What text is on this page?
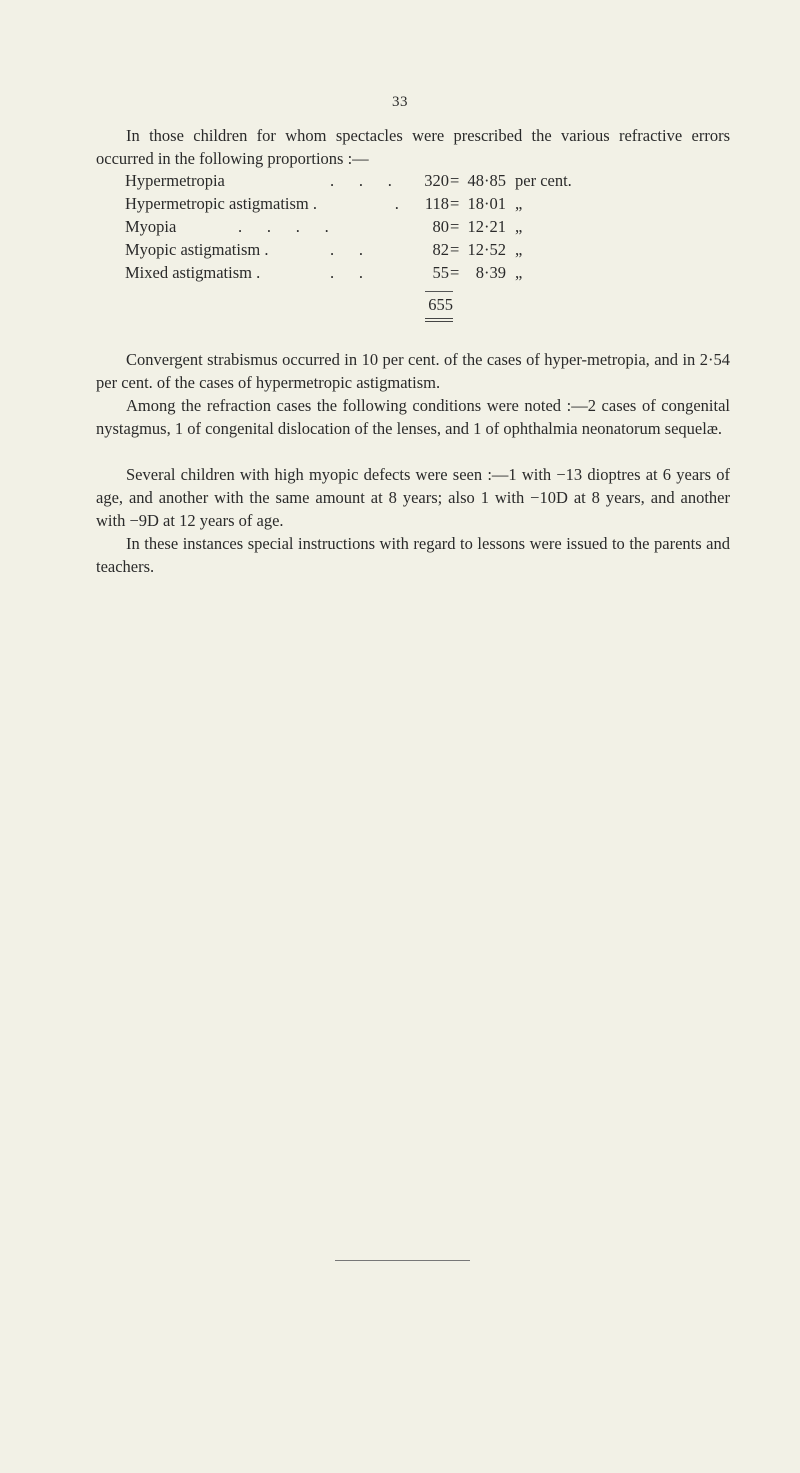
33

In those children for whom spectacles were prescribed the various refractive errors occurred in the following proportions :—

Hypermetropia	.      .      . 320 = 48·85 per cent.
Hypermetropic astigmatism .	. 118 = 18·01 „
Myopia	.      .      .      .	80 = 12·21 „
Myopic astigmatism .	.      .	82 = 12·52 „
Mixed astigmatism .	.      .	55 = 8·39 „
655

Convergent strabismus occurred in 10 per cent. of the cases of hyper-metropia, and in 2·54 per cent. of the cases of hypermetropic astigmatism.

Among the refraction cases the following conditions were noted :—2 cases of congenital nystagmus, 1 of congenital dislocation of the lenses, and 1 of ophthalmia neonatorum sequelæ.

Several children with high myopic defects were seen :—1 with −13 dioptres at 6 years of age, and another with the same amount at 8 years; also 1 with −10D at 8 years, and another with −9D at 12 years of age.

In these instances special instructions with regard to lessons were issued to the parents and teachers.
